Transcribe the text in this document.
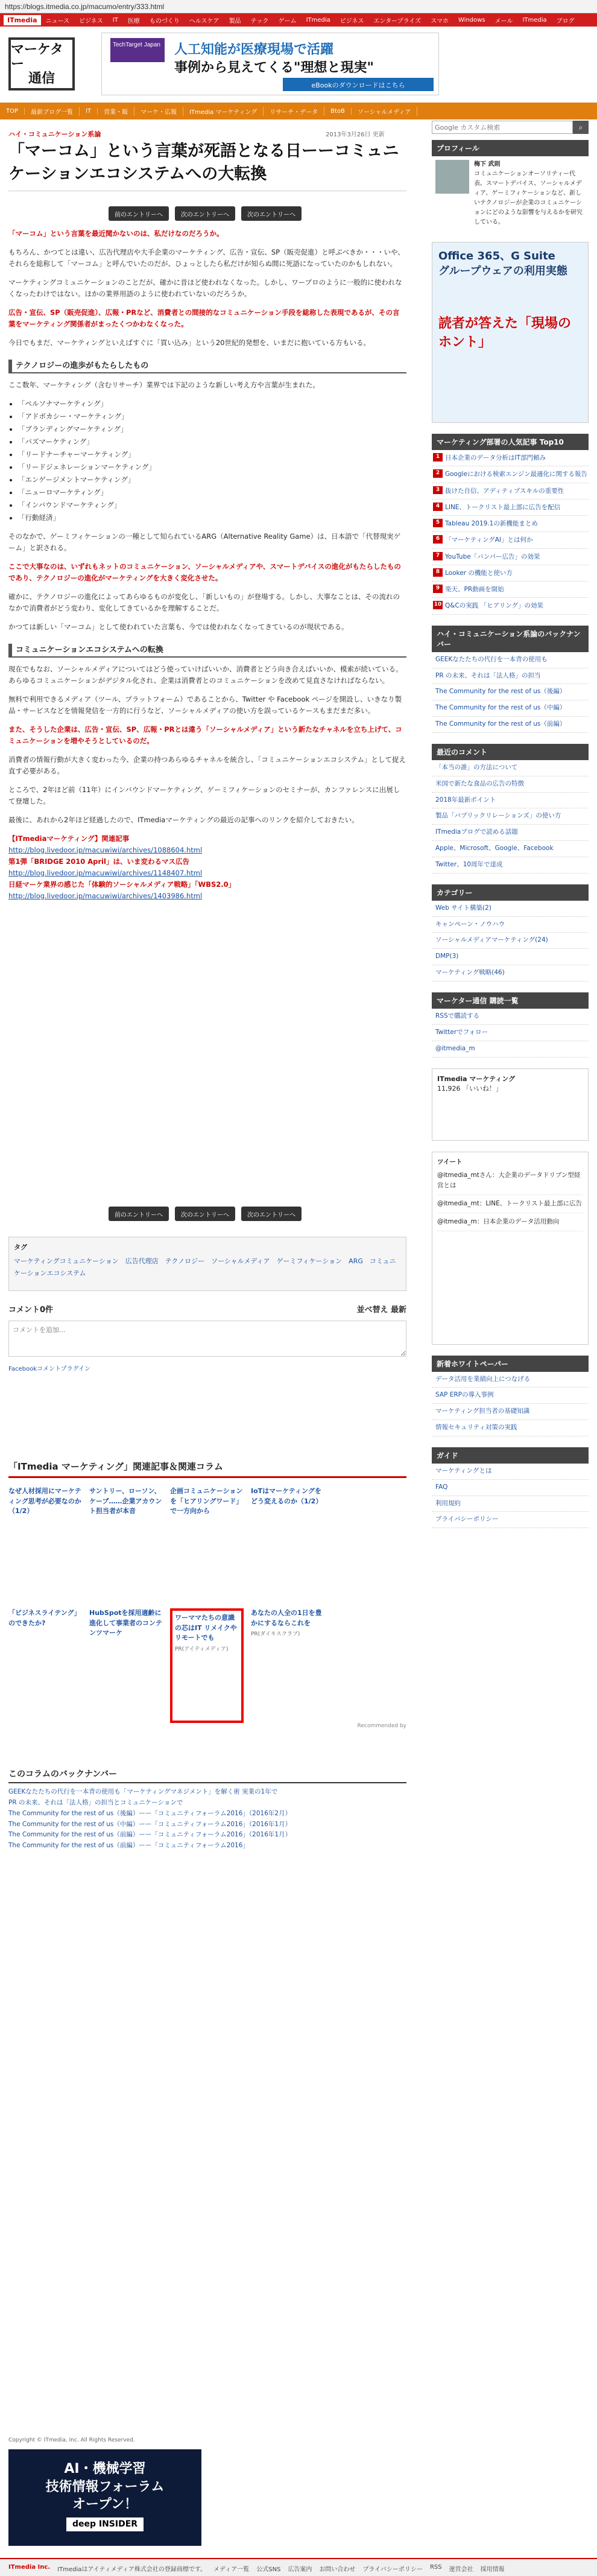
https://blogs.itmedia.co.jp/macumo/entry/333.html
ITmedia	ニュース ビジネス IT 医療 ものづくり ヘルスケア 製品 テック ゲーム ITmedia ビジネス エンタープライズ スマホ Windows メール ITmedia ブログ
マーケター
通信
TechTarget Japan	人工知能が医療現場で活躍
事例から見えてくる"理想と現実"
eBookのダウンロードはこちら
TOP	最新ブログ一覧	IT	営業・販	マーケ・広報	ITmedia マーケティング	リサーチ・データ	BtoB	ソーシャルメディア
ハイ・コミュニケーション系論	2013年3月26日 更新
「マーコム」という言葉が死語となる日ーーコミュニケーションエコシステムへの大転換
前のエントリーへ	次のエントリーへ	次のエントリーへ

「マーコム」という言葉を最近聞かないのは、私だけなのだろうか。

もちろん、かつてとは違い、広告代理店や大手企業のマーケティング、広告・宣伝、SP（販売促進）と呼ぶべきか・・・いや、それらを総称して「マーコム」と呼んでいたのだが、ひょっとしたら私だけが知らぬ間に死語になっていたのかもしれない。

マーケティングコミュニケーションのことだが、確かに昔ほど使われなくなった。しかし、ワープロのように一般的に使われなくなったわけではない。ほかの業界用語のように使われていないのだろうか。

広告・宣伝、SP（販売促進）、広報・PRなど、消費者との間接的なコミュニケーション手段を総称した表現であるが、その言葉をマーケティング関係者がまったくつかわなくなった。

今日でもまだ、マーケティングといえばすぐに「買い込み」という20世紀的発想を、いまだに抱いている方もいる。

テクノロジーの進歩がもたらしたもの

ここ数年、マーケティング（含むリサーチ）業界では下記のような新しい考え方や言葉が生まれた。

• 「ペルソナマーケティング」
• 「アドボカシー・マーケティング」
• 「ブランディングマーケティング」
• 「バズマーケティング」
• 「リードナーチャーマーケティング」
• 「リードジェネレーションマーケティング」
• 「エンゲージメントマーケティング」
• 「ニューロマーケティング」
• 「インバウンドマーケティング」
• 「行動経済」

そのなかで、ゲーミフィケーションの一種として知られているARG（Alternative Reality Game）は、日本語で「代替現実ゲーム」と訳される。

ここで大事なのは、いずれもネットのコミュニケーション、ソーシャルメディアや、スマートデバイスの進化がもたらしたものであり、テクノロジーの進化がマーケティングを大きく変化させた。

確かに、テクノロジーの進化によってあらゆるものが変化し、「新しいもの」が登場する。しかし、大事なことは、その流れのなかで消費者がどう変わり、変化してきているかを理解することだ。

かつては新しい「マーコム」として使われていた言葉も、今では使われなくなってきているのが現状である。

コミュニケーションエコシステムへの転換

現在でもなお、ソーシャルメディアについてはどう使っていけばいいか、消費者とどう向き合えばいいか、模索が続いている。あらゆるコミュニケーションがデジタル化され、企業は消費者とのコミュニケーションを改めて見直さなければならない。

無料で利用できるメディア（ツール、プラットフォーム）であることから、Twitter や Facebook ページを開設し、いきなり製品・サービスなどを情報発信を一方的に行うなど、ソーシャルメディアの使い方を誤っているケースもまだまだ多い。

また、そうした企業は、広告・宣伝、SP、広報・PRとは違う「ソーシャルメディア」という新たなチャネルを立ち上げて、コミュニケーションを増やそうとしているのだ。

消費者の情報行動が大きく変わった今、企業の持つあらゆるチャネルを統合し、「コミュニケーションエコシステム」として捉え直す必要がある。

ところで、2年ほど前（11年）にインバウンドマーケティング、ゲーミフィケーションのセミナーが、カンファレンスに出展して登壇した。

最後に、あれから2年ほど経過したので、ITmediaマーケティングの最近の記事へのリンクを紹介しておきたい。

【ITmediaマーケティング】関連記事
http://blog.livedoor.jp/macuwiwi/archives/1088604.html
第1弾「BRIDGE 2010 April」は、いま変わるマス広告
http://blog.livedoor.jp/macuwiwi/archives/1148407.html
日経マーケ業界の感じた「体験的ソーシャルメディア戦略」「WBS2.0」
http://blog.livedoor.jp/macuwiwi/archives/1403986.html

前のエントリーへ	次のエントリーへ	次のエントリーへ
タグ
マーケティングコミュニケーション　広告代理店　テクノロジー　ソーシャルメディア　ゲーミフィケーション　ARG　コミュニケーションエコシステム
コメント0件	並べ替え 最新
コメントを追加...
Facebookコメントプラグイン
「ITmedia マーケティング」関連記事＆関連コラム
なぜ人材採用にマーケティング思考が必要なのか（1/2）
サントリー、ローソン、ケーブ……企業アカウント担当者が本音
企画コミュニケーションを「ヒアリングワード」で一方向から
IoTはマーケティングをどう変えるのか（1/2）
「ビジネスライテング」のできたか?
HubSpotを採用適齢に進化して事業者のコンテンツマーケ
ワーママたちの意識の芯はIT リメイクやリモートでも
PR(アイティメディア)
あなたの人全の1日を豊かにするならこれを
PR(ダイキスクラブ)
Recommended by
このコラムのバックナンバー
GEEKなたたちの代行を一本背の使用も「マーケティングマネジメント」を解く術 実業の1年で
PR の未来、それは「法人格」の担当とコミュニケーションで
The Community for the rest of us（後編）ーー「コミュニティフォーラム2016」（2016年2月）
The Community for the rest of us（中編）ーー「コミュニティフォーラム2016」（2016年1月）
The Community for the rest of us（前編）ーー「コミュニティフォーラム2016」（2016年1月）
The Community for the rest of us（前編）ーー「コミュニティフォーラム2016」
Google カスタム検索
⌕
プロフィール
梅下 武則
コミュニケーションオーソリティー代表。スマートデバイス、ソーシャルメディア、ゲーミフィケーションなど、新しいテクノロジーが企業のコミュニケーションにどのような影響を与えるかを研究している。
Office 365、G Suite
グループウェアの利用実態
読者が答えた「現場のホント」
マーケティング部署の人気記事 Top10
1 日本企業のデータ分析はIT部門頼み
2 Googleにおける検索エンジン最適化に関する報告
3 抜けた自信、アディティブスキルの重要性
4 LINE、トークリスト最上部に広告を配信
5 Tableau 2019.1の新機能まとめ
6 「マーケティングAI」とは何か
7 YouTube「バンパー広告」の効果
8 Looker の機能と使い方
9 楽天、PR動画を開始
10 Q&Cの実践 「ヒアリング」の効果
ハイ・コミュニケーション系論のバックナンバー
GEEKなたたちの代行を一本背の使用も
PR の未来、それは「法人格」の担当
The Community for the rest of us（後編）
The Community for the rest of us（中編）
The Community for the rest of us（前編）
最近のコメント
「本当の誰」の方法について
米国で新たな食品の広告の特徴
2018年最新ポイント
製品「バブリックリレーションズ」の使い方
ITmediaブログで読める話題
Apple、Microsoft、Google、Facebook
Twitter、10周年で達成
カテゴリー
Web サイト構築(2)
キャンペーン・ノウハウ
ソーシャルメディアマーケティング(24)
DMP(3)
マーケティング戦略(46)
マーケター通信 購読一覧
RSSで購読する
Twitterでフォロー
@itmedia_m
ITmedia マーケティング
11,926 「いいね！」
ツイート
@itmedia_mtさん：大企業のデータドリブン型経営とは
@itmedia_mt：LINE、トークリスト最上部に広告
@itmedia_m：日本企業のデータ活用動向
新着ホワイトペーパー
データ活用を業績向上につなげる
SAP ERPの導入事例
マーケティング担当者の基礎知識
情報セキュリティ対策の実践
ガイド
マーケティングとは
FAQ
利用規約
プライバシーポリシー
Copyright © ITmedia, Inc. All Rights Reserved.
AI・機械学習
技術情報フォーラム
オープン！
deep INSIDER
ITmedia Inc. ITmediaはアイティメディア株式会社の登録商標です。 メディア一覧 公式SNS 広告案内 お問い合わせ プライバシーポリシー RSS 運営会社 採用情報
